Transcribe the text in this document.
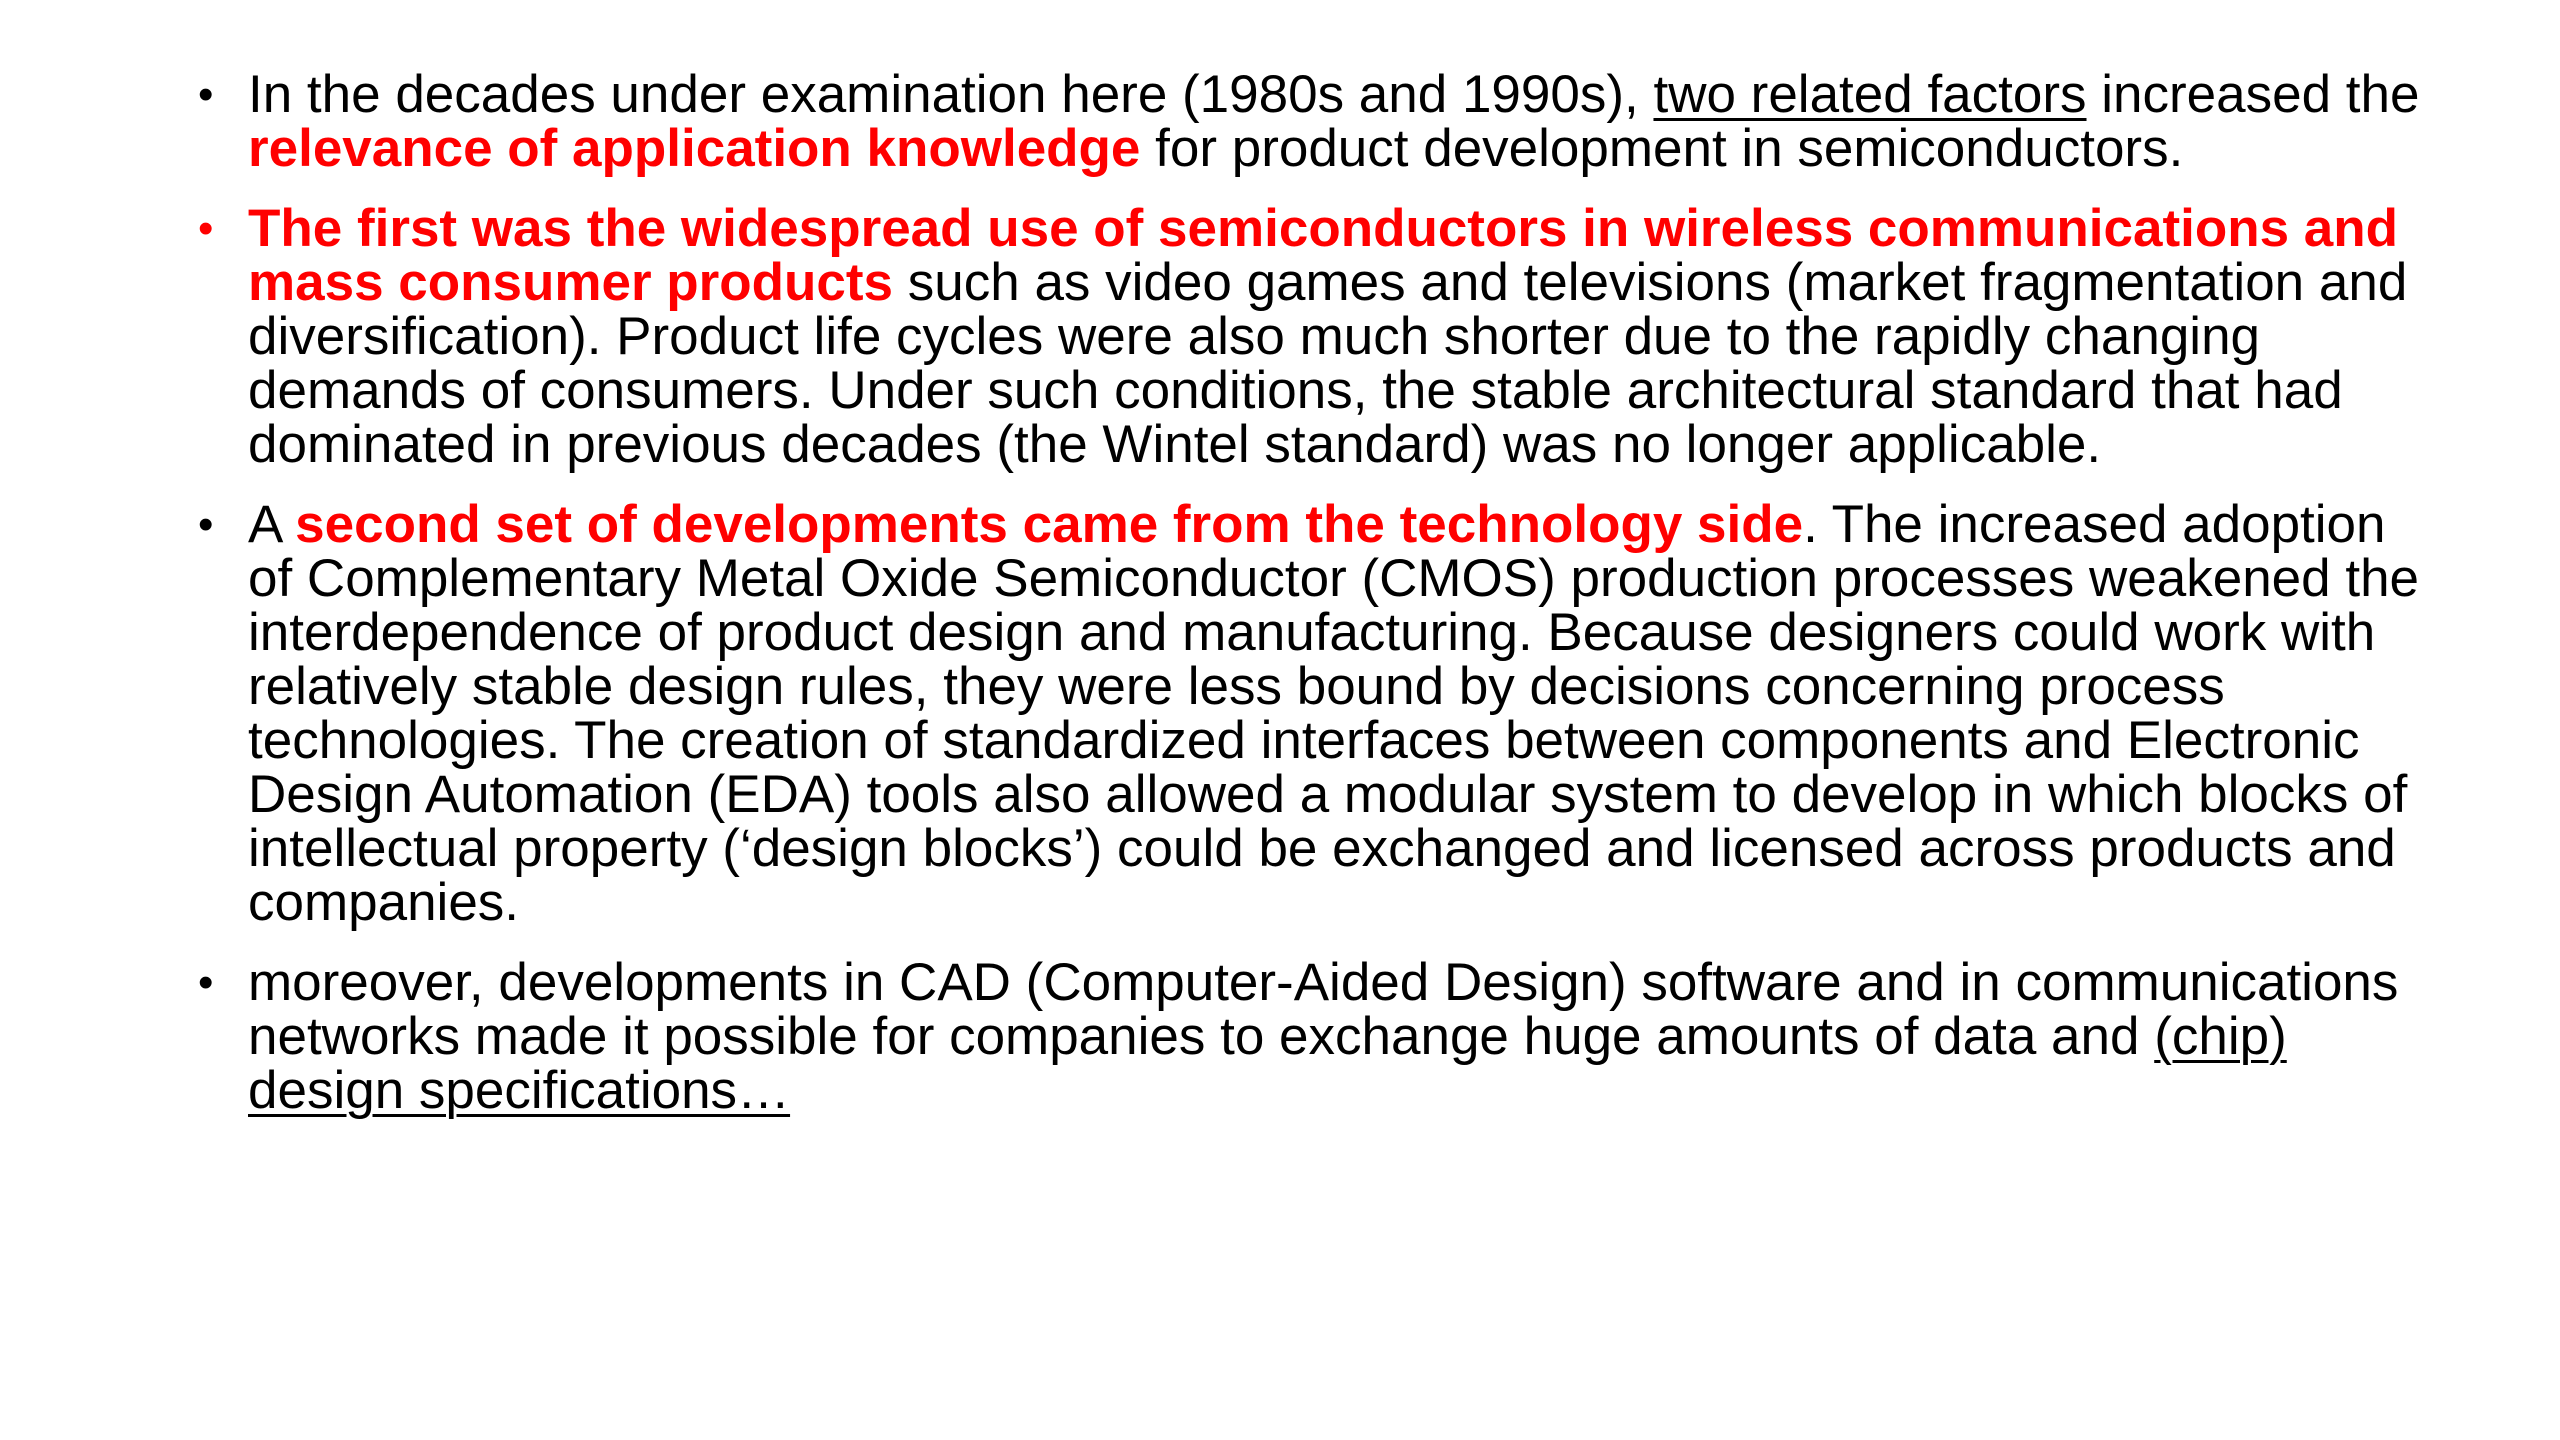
• In the decades under examination here (1980s and 1990s), two related factors increased the relevance of application knowledge for product development in semiconductors.
• The first was the widespread use of semiconductors in wireless communications and mass consumer products such as video games and televisions (market fragmentation and diversification). Product life cycles were also much shorter due to the rapidly changing demands of consumers. Under such conditions, the stable architectural standard that had dominated in previous decades (the Wintel standard) was no longer applicable.
• A second set of developments came from the technology side. The increased adoption of Complementary Metal Oxide Semiconductor (CMOS) production processes weakened the interdependence of product design and manufacturing. Because designers could work with relatively stable design rules, they were less bound by decisions concerning process technologies. The creation of standardized interfaces between components and Electronic Design Automation (EDA) tools also allowed a modular system to develop in which blocks of intellectual property (‘design blocks’) could be exchanged and licensed across products and companies.
• moreover, developments in CAD (Computer-Aided Design) software and in communications networks made it possible for companies to exchange huge amounts of data and (chip) design specifications…
